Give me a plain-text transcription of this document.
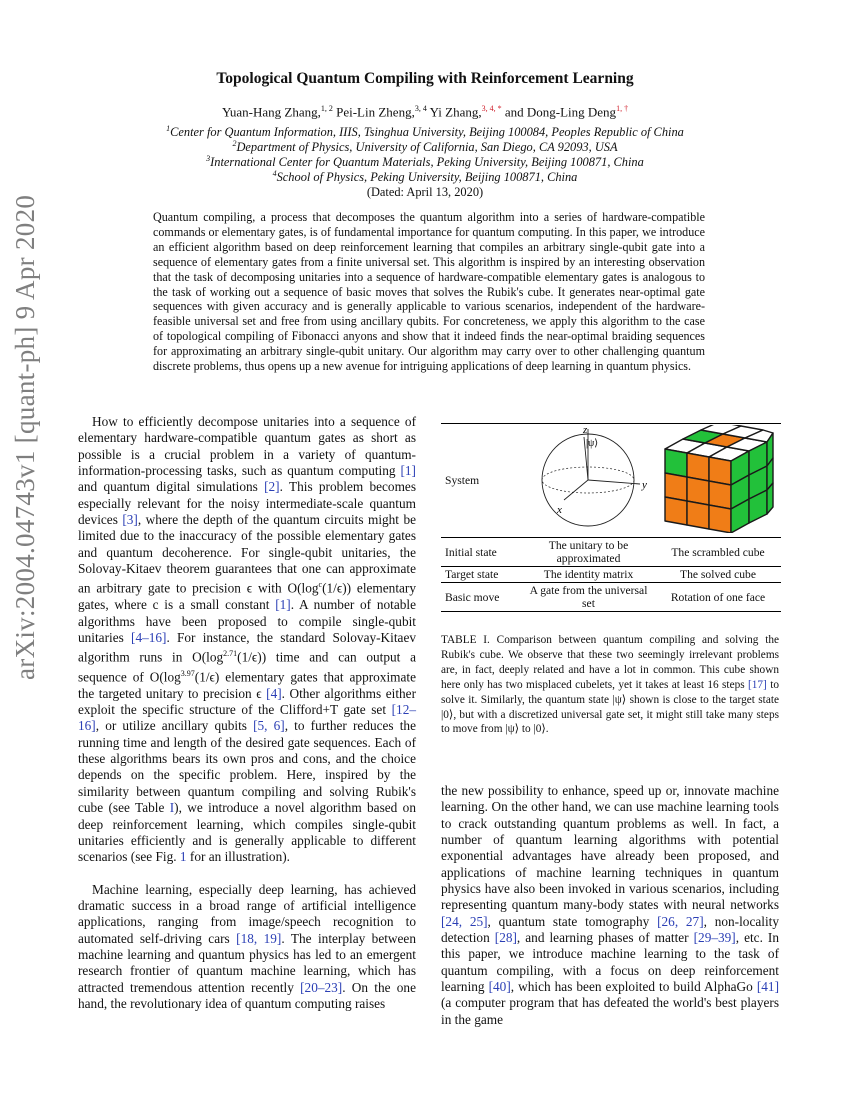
arXiv:2004.04743v1 [quant-ph] 9 Apr 2020
Topological Quantum Compiling with Reinforcement Learning
Yuan-Hang Zhang,$^{1, 2}$ Pei-Lin Zheng,$^{3, 4}$ Yi Zhang,$^{3, 4, *}$ and Dong-Ling Deng$^{1, \dagger}$
$^1$Center for Quantum Information, IIIS, Tsinghua University, Beijing 100084, Peoples Republic of China
$^2$Department of Physics, University of California, San Diego, CA 92093, USA
$^3$International Center for Quantum Materials, Peking University, Beijing 100871, China
$^4$School of Physics, Peking University, Beijing 100871, China
(Dated: April 13, 2020)
Quantum compiling, a process that decomposes the quantum algorithm into a series of hardware-compatible commands or elementary gates, is of fundamental importance for quantum computing. In this paper, we introduce an efficient algorithm based on deep reinforcement learning that compiles an arbitrary single-qubit gate into a sequence of elementary gates from a finite universal set. This algorithm is inspired by an interesting observation that the task of decomposing unitaries into a sequence of hardware-compatible elementary gates is analogous to the task of working out a sequence of basic moves that solves the Rubik's cube. It generates near-optimal gate sequences with given accuracy and is generally applicable to various scenarios, independent of the hardware-feasible universal set and free from using ancillary qubits. For concreteness, we apply this algorithm to the case of topological compiling of Fibonacci anyons and show that it indeed finds the near-optimal braiding sequences for approximating an arbitrary single-qubit unitary. Our algorithm may carry over to other challenging quantum discrete problems, thus opens up a new avenue for intriguing applications of deep learning in quantum physics.

How to efficiently decompose unitaries into a sequence of elementary hardware-compatible quantum gates as short as possible is a crucial problem in a variety of quantum-information-processing tasks, such as quantum computing [1] and quantum digital simulations [2]. This problem becomes especially relevant for the noisy intermediate-scale quantum devices [3], where the depth of the quantum circuits might be limited due to the inaccuracy of the possible elementary gates and quantum decoherence. For single-qubit unitaries, the Solovay-Kitaev theorem guarantees that one can approximate an arbitrary gate to precision ϵ with $O(\log^c(1/\epsilon))$ elementary gates, where c is a small constant [1]. A number of notable algorithms have been proposed to compile single-qubit unitaries [4–16]. For instance, the standard Solovay-Kitaev algorithm runs in $O(\log^{2.71}(1/\epsilon))$ time and can output a sequence of $O(\log^{3.97}(1/\epsilon)$ elementary gates that approximate the targeted unitary to precision ϵ [4]. Other algorithms either exploit the specific structure of the Clifford+T gate set [12–16], or utilize ancillary qubits [5, 6], to further reduces the running time and length of the desired gate sequences. Each of these algorithms bears its own pros and cons, and the choice depends on the specific problem. Here, inspired by the similarity between quantum compiling and solving Rubik's cube (see Table I), we introduce a novel algorithm based on deep reinforcement learning, which compiles single-qubit unitaries efficiently and is generally applicable to different scenarios (see Fig. 1 for an illustration).

Machine learning, especially deep learning, has achieved dramatic success in a broad range of artificial intelligence applications, ranging from image/speech recognition to automated self-driving cars [18, 19]. The interplay between machine learning and quantum physics has led to an emergent research frontier of quantum machine learning, which has attracted tremendous attention recently [20–23]. On the one hand, the revolutionary idea of quantum computing raises

System	z
y
x
|ψ⟩

Initial state	The unitary to be approximated	The scrambled cube
Target state	The identity matrix	The solved cube
Basic move	A gate from the universal set	Rotation of one face
TABLE I. Comparison between quantum compiling and solving the Rubik's cube. We observe that these two seemingly irrelevant problems are, in fact, deeply related and have a lot in common. This cube shown here only has two misplaced cubelets, yet it takes at least 16 steps [17] to solve it. Similarly, the quantum state |ψ⟩ shown is close to the target state |0⟩, but with a discretized universal gate set, it might still take many steps to move from |ψ⟩ to |0⟩.

the new possibility to enhance, speed up or, innovate machine learning. On the other hand, we can use machine learning tools to crack outstanding quantum problems as well. In fact, a number of quantum learning algorithms with potential exponential advantages have already been proposed, and applications of machine learning techniques in quantum physics have also been invoked in various scenarios, including representing quantum many-body states with neural networks [24, 25], quantum state tomography [26, 27], non-locality detection [28], and learning phases of matter [29–39], etc. In this paper, we introduce machine learning to the task of quantum compiling, with a focus on deep reinforcement learning [40], which has been exploited to build AlphaGo [41] (a computer program that has defeated the world's best players in the game
